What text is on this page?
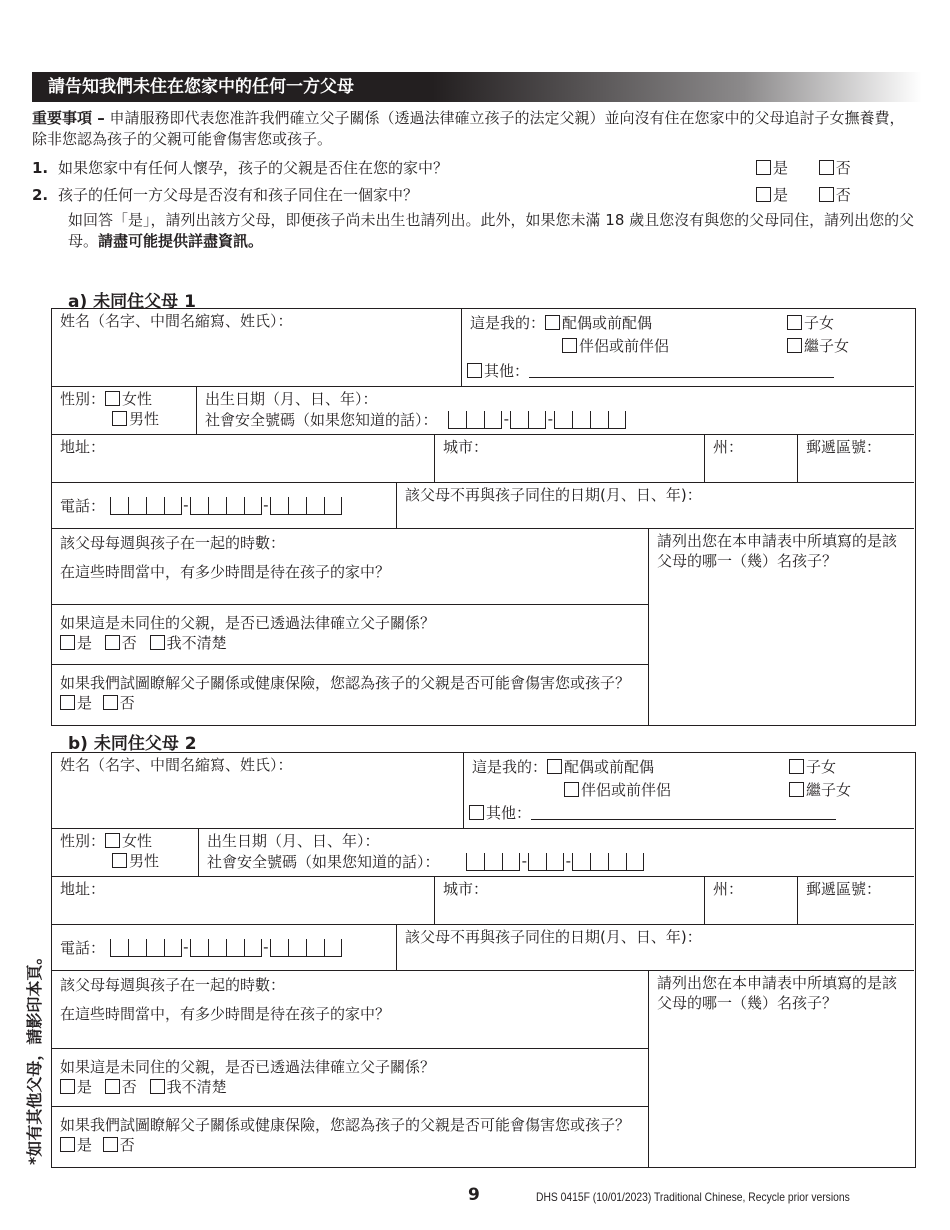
請告知我們未住在您家中的任何一方父母
重要事項 – 申請服務即代表您准許我們確立父子關係（透過法律確立孩子的法定父親）並向沒有住在您家中的父母追討子女撫養費，除非您認為孩子的父親可能會傷害您或孩子。
1. 如果您家中有任何人懷孕，孩子的父親是否住在您的家中？	是	否
2. 孩子的任何一方父母是否沒有和孩子同住在一個家中？	是	否
如回答「是」，請列出該方父母，即便孩子尚未出生也請列出。此外，如果您未滿 18 歲且您沒有與您的父母同住，請列出您的父母。請盡可能提供詳盡資訊。
a) 未同住父母 1
姓名（名字、中間名縮寫、姓氏）：	這是我的： 配偶或前配偶
伴侶或前伴侶
子女
繼子女
其他：
性別： 女性
男性
出生日期（月、日、年）：
社會安全號碼（如果您知道的話）：	-	-
地址：	城市：	州：	郵遞區號：
電話：	-	-
該父母不再與孩子同住的日期(月、日、年)：
該父母每週與孩子在一起的時數：
在這些時間當中，有多少時間是待在孩子的家中？
請列出您在本申請表中所填寫的是該父母的哪一（幾）名孩子？
如果這是未同住的父親，是否已透過法律確立父子關係？
是 否 我不清楚
如果我們試圖瞭解父子關係或健康保險，您認為孩子的父親是否可能會傷害您或孩子？ 是 否
b) 未同住父母 2
姓名（名字、中間名縮寫、姓氏）：	這是我的： 配偶或前配偶
伴侶或前伴侶
子女
繼子女
其他：
性別： 女性
男性
出生日期（月、日、年）：
社會安全號碼（如果您知道的話）：	-	-
地址：	城市：	州：	郵遞區號：
電話：	-	-
該父母不再與孩子同住的日期(月、日、年)：
該父母每週與孩子在一起的時數：
在這些時間當中，有多少時間是待在孩子的家中？
請列出您在本申請表中所填寫的是該父母的哪一（幾）名孩子？
如果這是未同住的父親，是否已透過法律確立父子關係？
是 否 我不清楚
如果我們試圖瞭解父子關係或健康保險，您認為孩子的父親是否可能會傷害您或孩子？ 是 否
*如有其他父母，請影印本頁。
9	DHS 0415F (10/01/2023) Traditional Chinese, Recycle prior versions
